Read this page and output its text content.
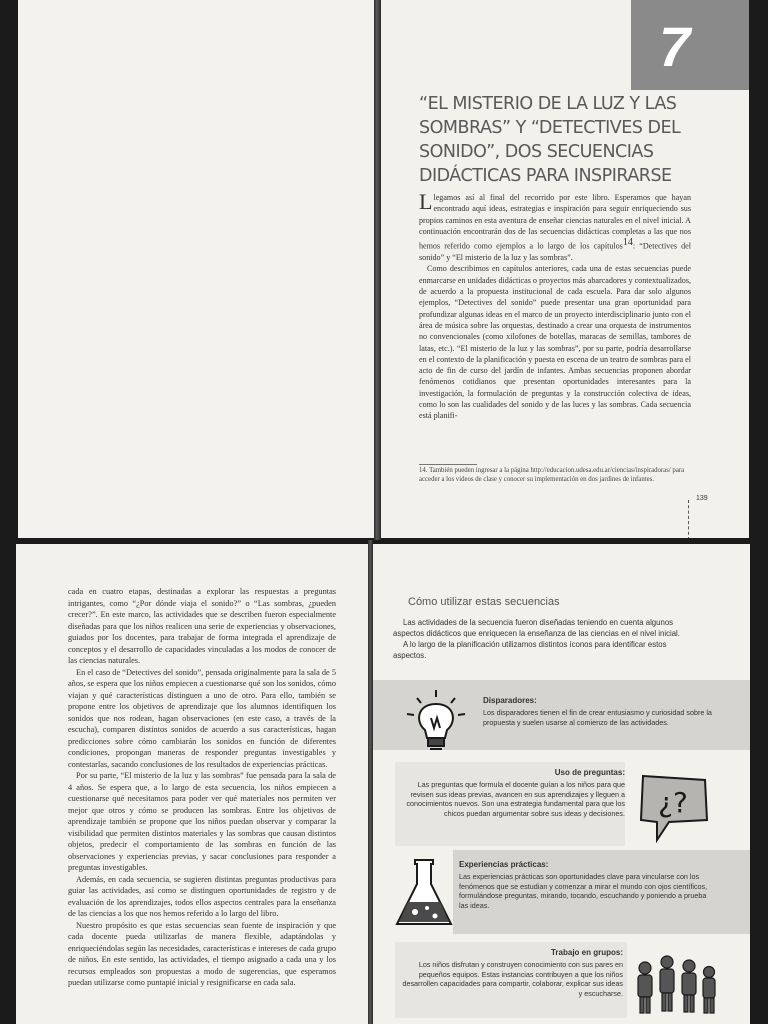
7
“EL MISTERIO DE LA LUZ Y LAS SOMBRAS” Y “DETECTIVES DEL SONIDO”, DOS SECUENCIAS DIDÁCTICAS PARA INSPIRARSE

Llegamos así al final del recorrido por este libro. Esperamos que hayan encontrado aquí ideas, estrategias e inspiración para seguir enriqueciendo sus propios caminos en esta aventura de enseñar ciencias naturales en el nivel inicial. A continuación encontrarán dos de las secuencias didácticas completas a las que nos hemos referido como ejemplos a lo largo de los capítulos$^{14}$: “Detectives del sonido” y “El misterio de la luz y las sombras”.

Como describimos en capítulos anteriores, cada una de estas secuencias puede enmarcarse en unidades didácticas o proyectos más abarcadores y contextualizados, de acuerdo a la propuesta institucional de cada escuela. Para dar solo algunos ejemplos, “Detectives del sonido” puede presentar una gran oportunidad para profundizar algunas ideas en el marco de un proyecto interdisciplinario junto con el área de música sobre las orquestas, destinado a crear una orquesta de instrumentos no convencionales (como xilofones de botellas, maracas de semillas, tambores de latas, etc.). “El misterio de la luz y las sombras”, por su parte, podría desarrollarse en el contexto de la planificación y puesta en escena de un teatro de sombras para el acto de fin de curso del jardín de infantes. Ambas secuencias proponen abordar fenómenos cotidianos que presentan oportunidades interesantes para la investigación, la formulación de preguntas y la construcción colectiva de ideas, como lo son las cualidades del sonido y de las luces y las sombras. Cada secuencia está planifi-

14. También pueden ingresar a la página http://educacion.udesa.edu.ar/ciencias/inspiradoras/ para acceder a los videos de clase y conocer su implementación en dos jardines de infantes.
139

cada en cuatro etapas, destinadas a explorar las respuestas a preguntas intrigantes, como “¿Por dónde viaja el sonido?” o “Las sombras, ¿pueden crecer?”. En este marco, las actividades que se describen fueron especialmente diseñadas para que los niños realicen una serie de experiencias y observaciones, guiados por los docentes, para trabajar de forma integrada el aprendizaje de conceptos y el desarrollo de capacidades vinculadas a los modos de conocer de las ciencias naturales.

En el caso de “Detectives del sonido”, pensada originalmente para la sala de 5 años, se espera que los niños empiecen a cuestionarse qué son los sonidos, cómo viajan y qué características distinguen a uno de otro. Para ello, también se propone entre los objetivos de aprendizaje que los alumnos identifiquen los sonidos que nos rodean, hagan observaciones (en este caso, a través de la escucha), comparen distintos sonidos de acuerdo a sus características, hagan predicciones sobre cómo cambiarán los sonidos en función de diferentes condiciones, propongan maneras de responder preguntas investigables y contestarlas, sacando conclusiones de los resultados de experiencias prácticas.

Por su parte, “El misterio de la luz y las sombras” fue pensada para la sala de 4 años. Se espera que, a lo largo de esta secuencia, los niños empiecen a cuestionarse qué necesitamos para poder ver qué materiales nos permiten ver mejor que otros y cómo se producen las sombras. Entre los objetivos de aprendizaje también se propone que los niños puedan observar y comparar la visibilidad que permiten distintos materiales y las sombras que causan distintos objetos, predecir el comportamiento de las sombras en función de las observaciones y experiencias previas, y sacar conclusiones para responder a preguntas investigables.

Además, en cada secuencia, se sugieren distintas preguntas productivas para guiar las actividades, así como se distinguen oportunidades de registro y de evaluación de los aprendizajes, todos ellos aspectos centrales para la enseñanza de las ciencias a los que nos hemos referido a lo largo del libro.

Nuestro propósito es que estas secuencias sean fuente de inspiración y que cada docente pueda utilizarlas de manera flexible, adaptándolas y enriqueciéndolas según las necesidades, características e intereses de cada grupo de niños. En este sentido, las actividades, el tiempo asignado a cada una y los recursos empleados son propuestas a modo de sugerencias, que esperamos puedan utilizarse como puntapié inicial y resignificarse en cada sala.

Cómo utilizar estas secuencias

Las actividades de la secuencia fueron diseñadas teniendo en cuenta algunos aspectos didácticos que enriquecen la enseñanza de las ciencias en el nivel inicial.

A lo largo de la planificación utilizamos distintos íconos para identificar estos aspectos.

Disparadores:

Los disparadores tienen el fin de crear entusiasmo y curiosidad sobre la propuesta y suelen usarse al comienzo de las actividades.

Uso de preguntas:

Las preguntas que formula el docente guían a los niños para que revisen sus ideas previas, avancen en sus aprendizajes y lleguen a conocimientos nuevos. Son una estrategia fundamental para que los chicos puedan argumentar sobre sus ideas y decisiones. ¿?
Experiencias prácticas:

Las experiencias prácticas son oportunidades clave para vincularse con los fenómenos que se estudian y comenzar a mirar el mundo con ojos científicos, formulándose preguntas, mirando, tocando, escuchando y poniendo a prueba las ideas.

Trabajo en grupos:

Los niños disfrutan y construyen conocimiento con sus pares en pequeños equipos. Estas instancias contribuyen a que los niños desarrollen capacidades para compartir, colaborar, explicar sus ideas y escucharse.
